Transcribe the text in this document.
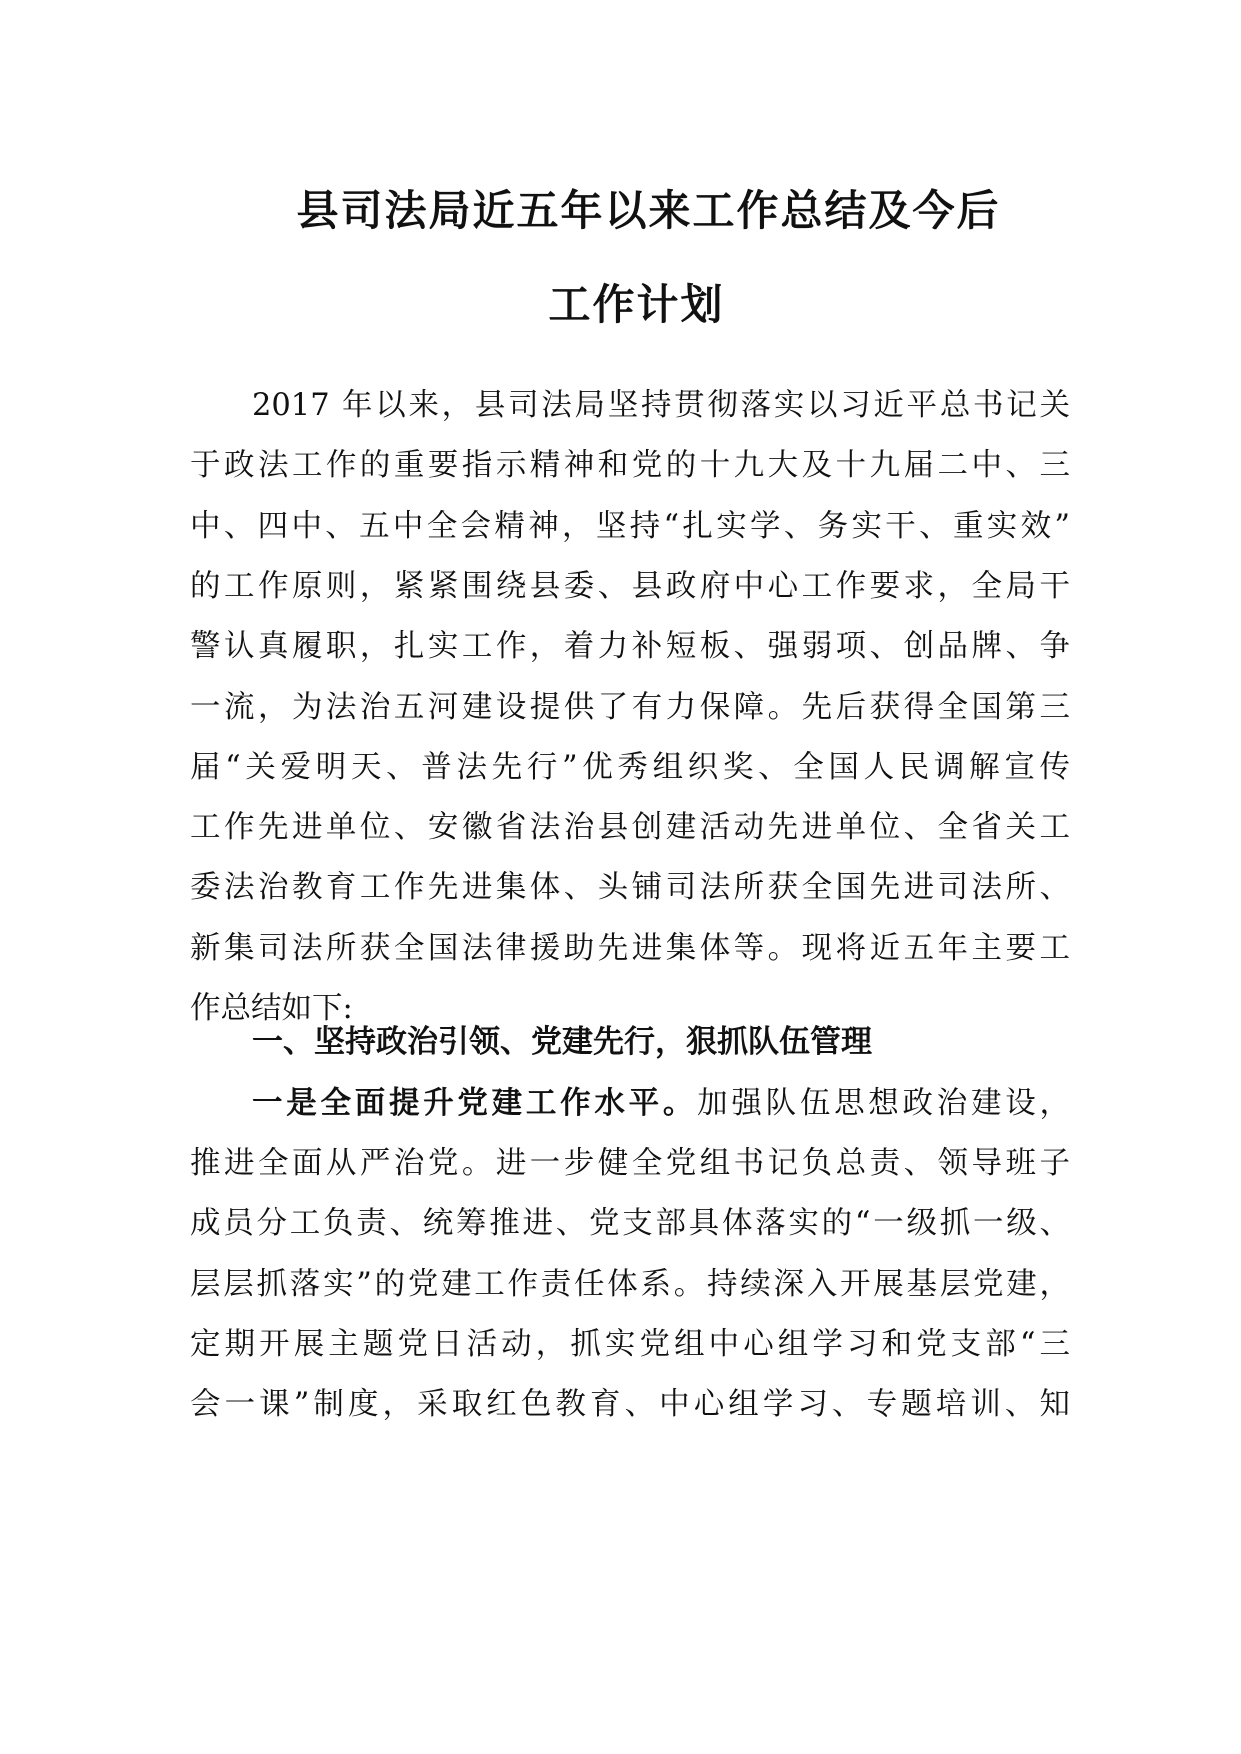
县司法局近五年以来工作总结及今后
工作计划
2017 年以来，县司法局坚持贯彻落实以习近平总书记关
于政法工作的重要指示精神和党的十九大及十九届二中、三
中、四中、五中全会精神，坚持“扎实学、务实干、重实效”
的工作原则，紧紧围绕县委、县政府中心工作要求，全局干
警认真履职，扎实工作，着力补短板、强弱项、创品牌、争
一流，为法治五河建设提供了有力保障。先后获得全国第三
届“关爱明天、普法先行”优秀组织奖、全国人民调解宣传
工作先进单位、安徽省法治县创建活动先进单位、全省关工
委法治教育工作先进集体、头铺司法所获全国先进司法所、
新集司法所获全国法律援助先进集体等。现将近五年主要工
作总结如下:
一、坚持政治引领、党建先行，狠抓队伍管理
一是全面提升党建工作水平。加强队伍思想政治建设，
推进全面从严治党。进一步健全党组书记负总责、领导班子
成员分工负责、统筹推进、党支部具体落实的“一级抓一级、
层层抓落实”的党建工作责任体系。持续深入开展基层党建，
定期开展主题党日活动，抓实党组中心组学习和党支部“三
会一课”制度，采取红色教育、中心组学习、专题培训、知
